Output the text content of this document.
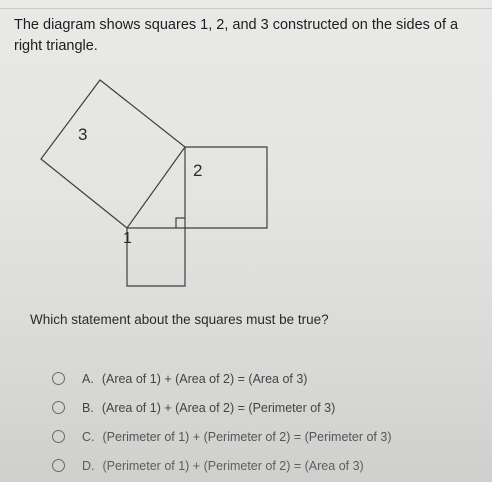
The diagram shows squares 1, 2, and 3 constructed on the sides of a right triangle.
3
2
1
Which statement about the squares must be true?
A. (Area of 1) + (Area of 2) = (Area of 3)
B. (Area of 1) + (Area of 2) = (Perimeter of 3)
C. (Perimeter of 1) + (Perimeter of 2) = (Perimeter of 3)
D. (Perimeter of 1) + (Perimeter of 2) = (Area of 3)
